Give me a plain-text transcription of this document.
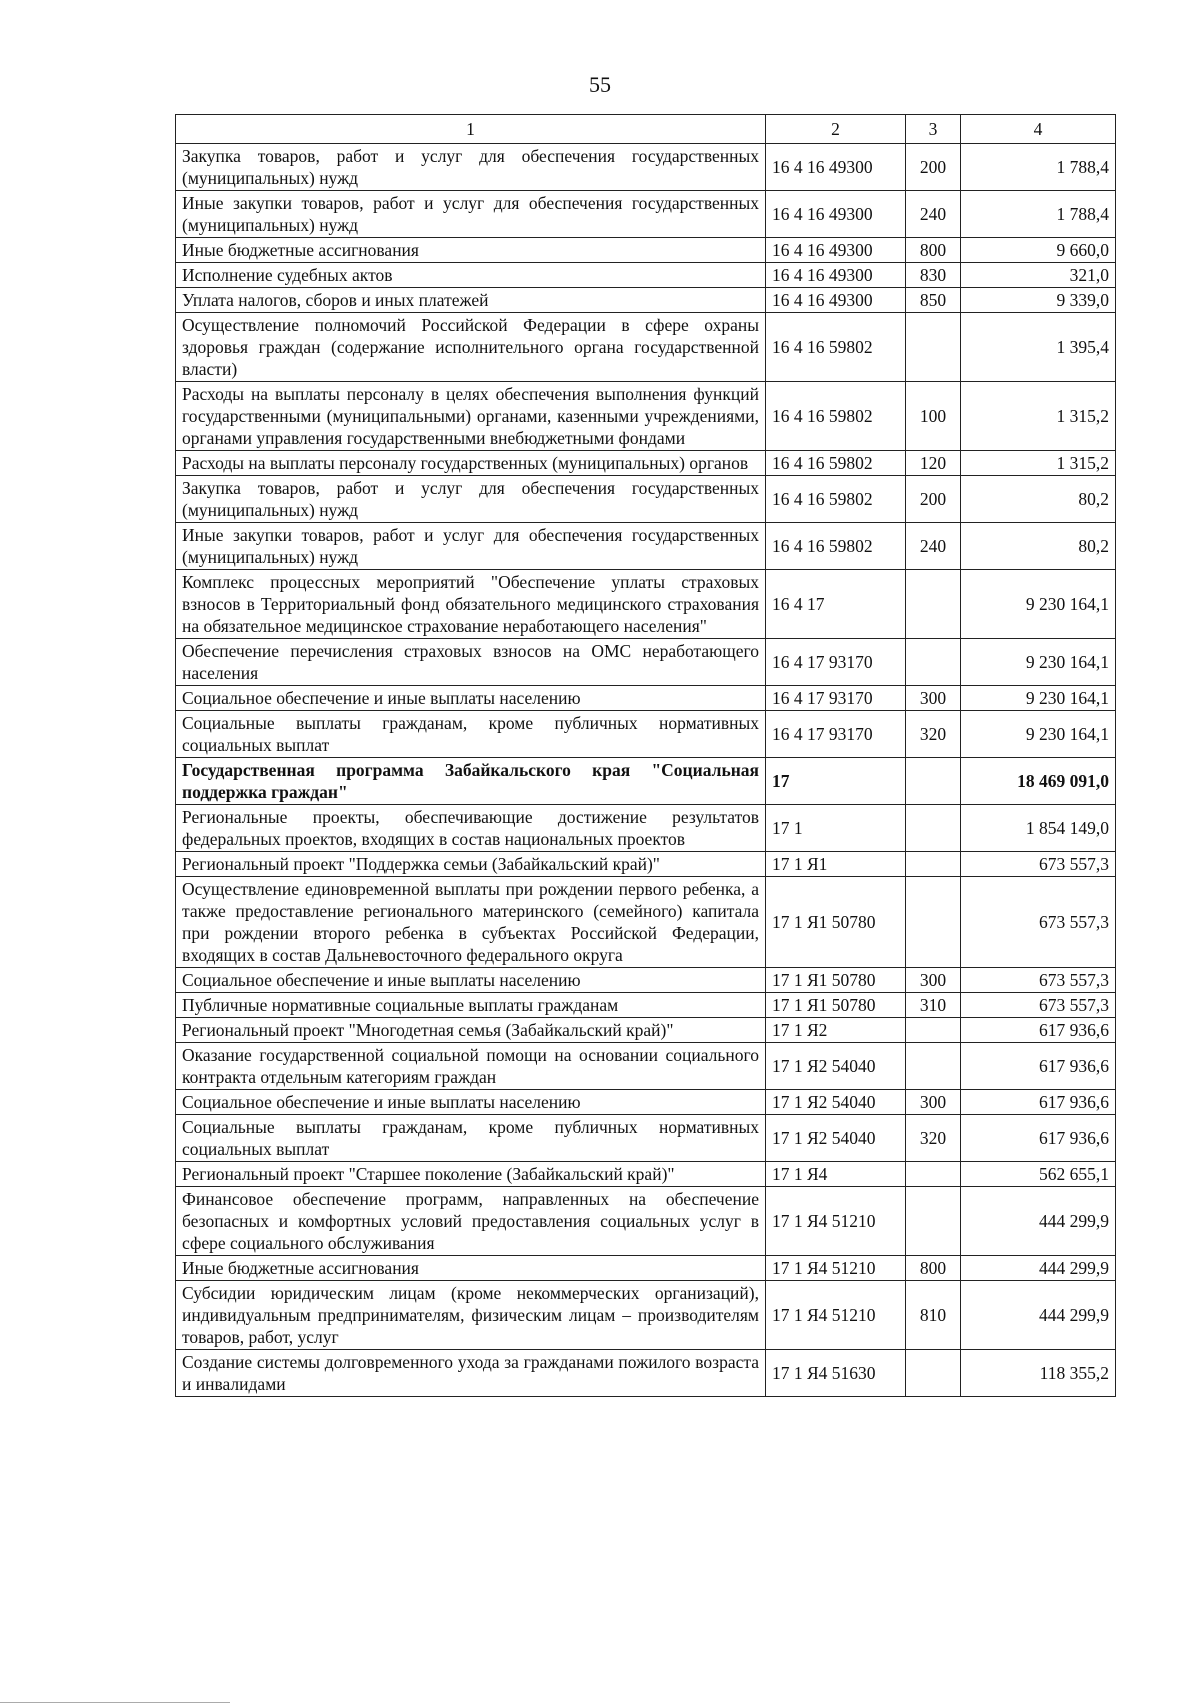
55
1	2	3	4
Закупка товаров, работ и услуг для обеспечения государственных (муниципальных) нужд	16 4 16 49300	200	1 788,4
Иные закупки товаров, работ и услуг для обеспечения государственных (муниципальных) нужд	16 4 16 49300	240	1 788,4
Иные бюджетные ассигнования	16 4 16 49300	800	9 660,0
Исполнение судебных актов	16 4 16 49300	830	321,0
Уплата налогов, сборов и иных платежей	16 4 16 49300	850	9 339,0
Осуществление полномочий Российской Федерации в сфере охраны здоровья граждан (содержание исполнительного органа государственной власти)	16 4 16 59802		1 395,4
Расходы на выплаты персоналу в целях обеспечения выполнения функций государственными (муниципальными) органами, казенными учреждениями, органами управления государственными внебюджетными фондами	16 4 16 59802	100	1 315,2
Расходы на выплаты персоналу государственных (муниципальных) органов	16 4 16 59802	120	1 315,2
Закупка товаров, работ и услуг для обеспечения государственных (муниципальных) нужд	16 4 16 59802	200	80,2
Иные закупки товаров, работ и услуг для обеспечения государственных (муниципальных) нужд	16 4 16 59802	240	80,2
Комплекс процессных мероприятий "Обеспечение уплаты страховых взносов в Территориальный фонд обязательного медицинского страхования на обязательное медицинское страхование неработающего населения"	16 4 17		9 230 164,1
Обеспечение перечисления страховых взносов на ОМС неработающего населения	16 4 17 93170		9 230 164,1
Социальное обеспечение и иные выплаты населению	16 4 17 93170	300	9 230 164,1
Социальные выплаты гражданам, кроме публичных нормативных социальных выплат	16 4 17 93170	320	9 230 164,1
Государственная программа Забайкальского края "Социальная поддержка граждан"	17		18 469 091,0
Региональные проекты, обеспечивающие достижение результатов федеральных проектов, входящих в состав национальных проектов	17 1		1 854 149,0
Региональный проект "Поддержка семьи (Забайкальский край)"	17 1 Я1		673 557,3
Осуществление единовременной выплаты при рождении первого ребенка, а также предоставление регионального материнского (семейного) капитала при рождении второго ребенка в субъектах Российской Федерации, входящих в состав Дальневосточного федерального округа	17 1 Я1 50780		673 557,3
Социальное обеспечение и иные выплаты населению	17 1 Я1 50780	300	673 557,3
Публичные нормативные социальные выплаты гражданам	17 1 Я1 50780	310	673 557,3
Региональный проект "Многодетная семья (Забайкальский край)"	17 1 Я2		617 936,6
Оказание государственной социальной помощи на основании социального контракта отдельным категориям граждан	17 1 Я2 54040		617 936,6
Социальное обеспечение и иные выплаты населению	17 1 Я2 54040	300	617 936,6
Социальные выплаты гражданам, кроме публичных нормативных социальных выплат	17 1 Я2 54040	320	617 936,6
Региональный проект "Старшее поколение (Забайкальский край)"	17 1 Я4		562 655,1
Финансовое обеспечение программ, направленных на обеспечение безопасных и комфортных условий предоставления социальных услуг в сфере социального обслуживания	17 1 Я4 51210		444 299,9
Иные бюджетные ассигнования	17 1 Я4 51210	800	444 299,9
Субсидии юридическим лицам (кроме некоммерческих организаций), индивидуальным предпринимателям, физическим лицам – производителям товаров, работ, услуг	17 1 Я4 51210	810	444 299,9
Создание системы долговременного ухода за гражданами пожилого возраста и инвалидами	17 1 Я4 51630		118 355,2
